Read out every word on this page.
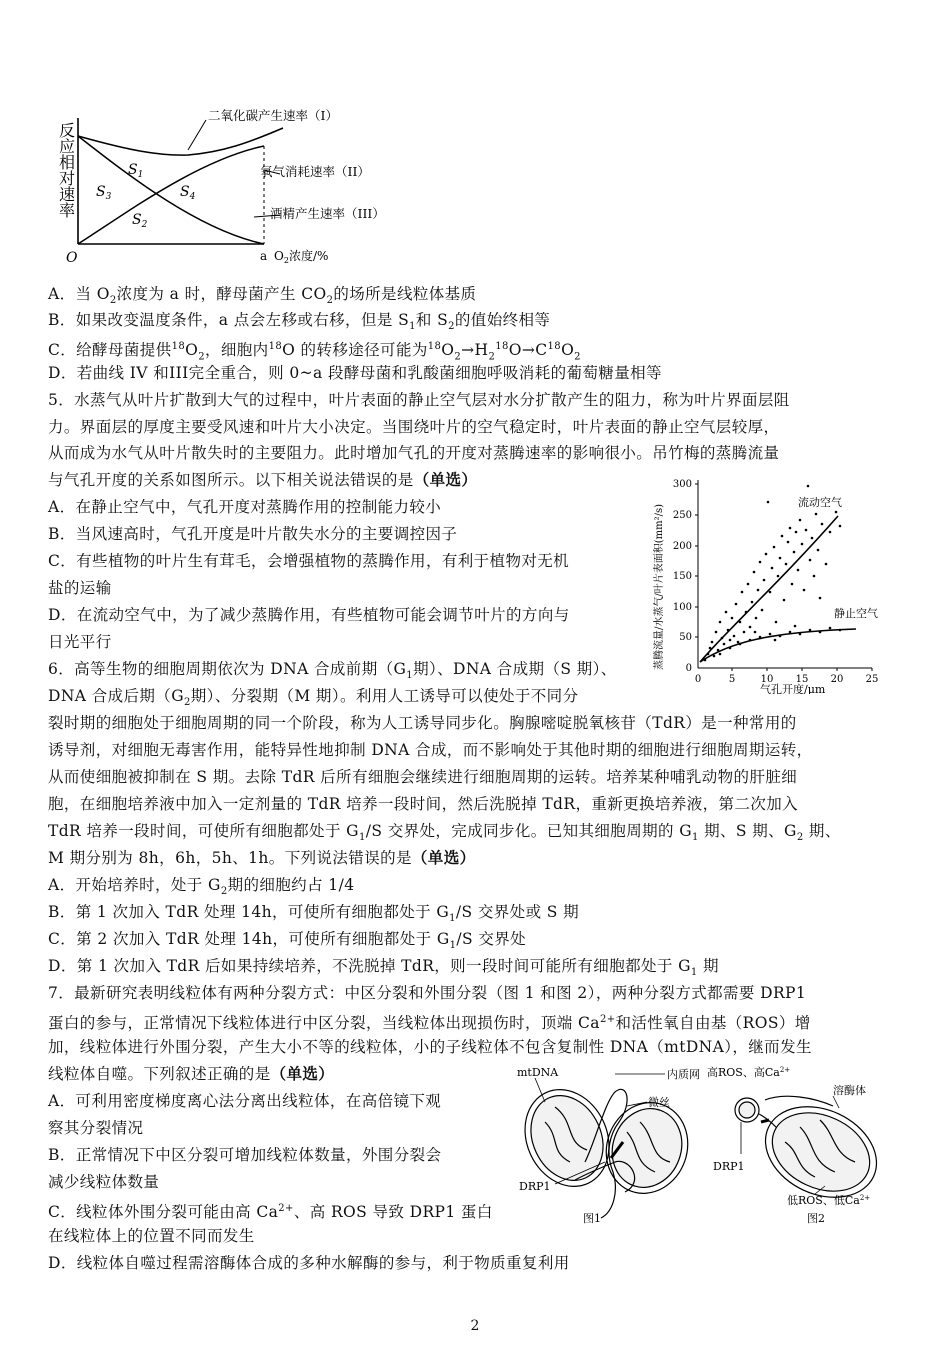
二氧化碳产生速率（I）
氧气消耗速率（II）
酒精产生速率（III）
反应相对速率
O	a $O_2$浓度/%
$S_1$
$S_3$	$S_4$
$S_2$
A．当 $O_2$浓度为 a 时，酵母菌产生 $CO_2$的场所是线粒体基质
B．如果改变温度条件，a 点会左移或右移，但是 $S_1$和 $S_2$的值始终相等
C．给酵母菌提供$^{18}O_2$，细胞内$^{18}$O 的转移途径可能为$^{18}O_2\to H_2^{18}O\to C^{18}O_2$
D．若曲线 IV 和III完全重合，则 0~a 段酵母菌和乳酸菌细胞呼吸消耗的葡萄糖量相等
5．水蒸气从叶片扩散到大气的过程中，叶片表面的静止空气层对水分扩散产生的阻力，称为叶片界面层阻
力。界面层的厚度主要受风速和叶片大小决定。当围绕叶片的空气稳定时，叶片表面的静止空气层较厚，
从而成为水气从叶片散失时的主要阻力。此时增加气孔的开度对蒸腾速率的影响很小。吊竹梅的蒸腾流量
与气孔开度的关系如图所示。以下相关说法错误的是（单选）
A．在静止空气中，气孔开度对蒸腾作用的控制能力较小
B．当风速高时，气孔开度是叶片散失水分的主要调控因子
C．有些植物的叶片生有茸毛，会增强植物的蒸腾作用，有利于植物对无机
盐的运输
D．在流动空气中，为了减少蒸腾作用，有些植物可能会调节叶片的方向与
日光平行
0
50
100
150
200
250
300
0	5	10 15 20 25
气孔开度/μm
蒸腾流量/水蒸气/叶片表面积(mm²/s)
流动空气
静止空气
6．高等生物的细胞周期依次为 DNA 合成前期（$G_1$期）、DNA 合成期（S 期）、
DNA 合成后期（$G_2$期）、分裂期（M 期）。利用人工诱导可以使处于不同分
裂时期的细胞处于细胞周期的同一个阶段，称为人工诱导同步化。胸腺嘧啶脱氧核苷（TdR）是一种常用的
诱导剂，对细胞无毒害作用，能特异性地抑制 DNA 合成，而不影响处于其他时期的细胞进行细胞周期运转，
从而使细胞被抑制在 S 期。去除 TdR 后所有细胞会继续进行细胞周期的运转。培养某种哺乳动物的肝脏细
胞，在细胞培养液中加入一定剂量的 TdR 培养一段时间，然后洗脱掉 TdR，重新更换培养液，第二次加入
TdR 培养一段时间，可使所有细胞都处于 $G_1/S$ 交界处，完成同步化。已知其细胞周期的 $G_1$ 期、S 期、$G_2$ 期、
M 期分别为 8h，6h，5h、1h。下列说法错误的是（单选）
A．开始培养时，处于 $G_2$期的细胞约占 1/4
B．第 1 次加入 TdR 处理 14h，可使所有细胞都处于 $G_1/S$ 交界处或 S 期
C．第 2 次加入 TdR 处理 14h，可使所有细胞都处于 $G_1/S$ 交界处
D．第 1 次加入 TdR 后如果持续培养，不洗脱掉 TdR，则一段时间可能所有细胞都处于 $G_1$ 期
7．最新研究表明线粒体有两种分裂方式：中区分裂和外围分裂（图 1 和图 2），两种分裂方式都需要 DRP1
蛋白的参与，正常情况下线粒体进行中区分裂，当线粒体出现损伤时，顶端 $Ca^{2+}$和活性氧自由基（ROS）增
加，线粒体进行外围分裂，产生大小不等的线粒体，小的子线粒体不包含复制性 DNA（mtDNA），继而发生
线粒体自噬。下列叙述正确的是（单选）
A．可利用密度梯度离心法分离出线粒体，在高倍镜下观
察其分裂情况
B．正常情况下中区分裂可增加线粒体数量，外围分裂会
减少线粒体数量
C．线粒体外围分裂可能由高 $Ca^{2+}$、高 ROS 导致 DRP1 蛋白
在线粒体上的位置不同而发生
D．线粒体自噬过程需溶酶体合成的多种水解酶的参与，利于物质重复利用
mtDNA	内质网
微丝
DRP1
图1
高ROS、高$Ca^{2+}$
溶酶体
DRP1
低ROS、低$Ca^{2+}$
图2
2
